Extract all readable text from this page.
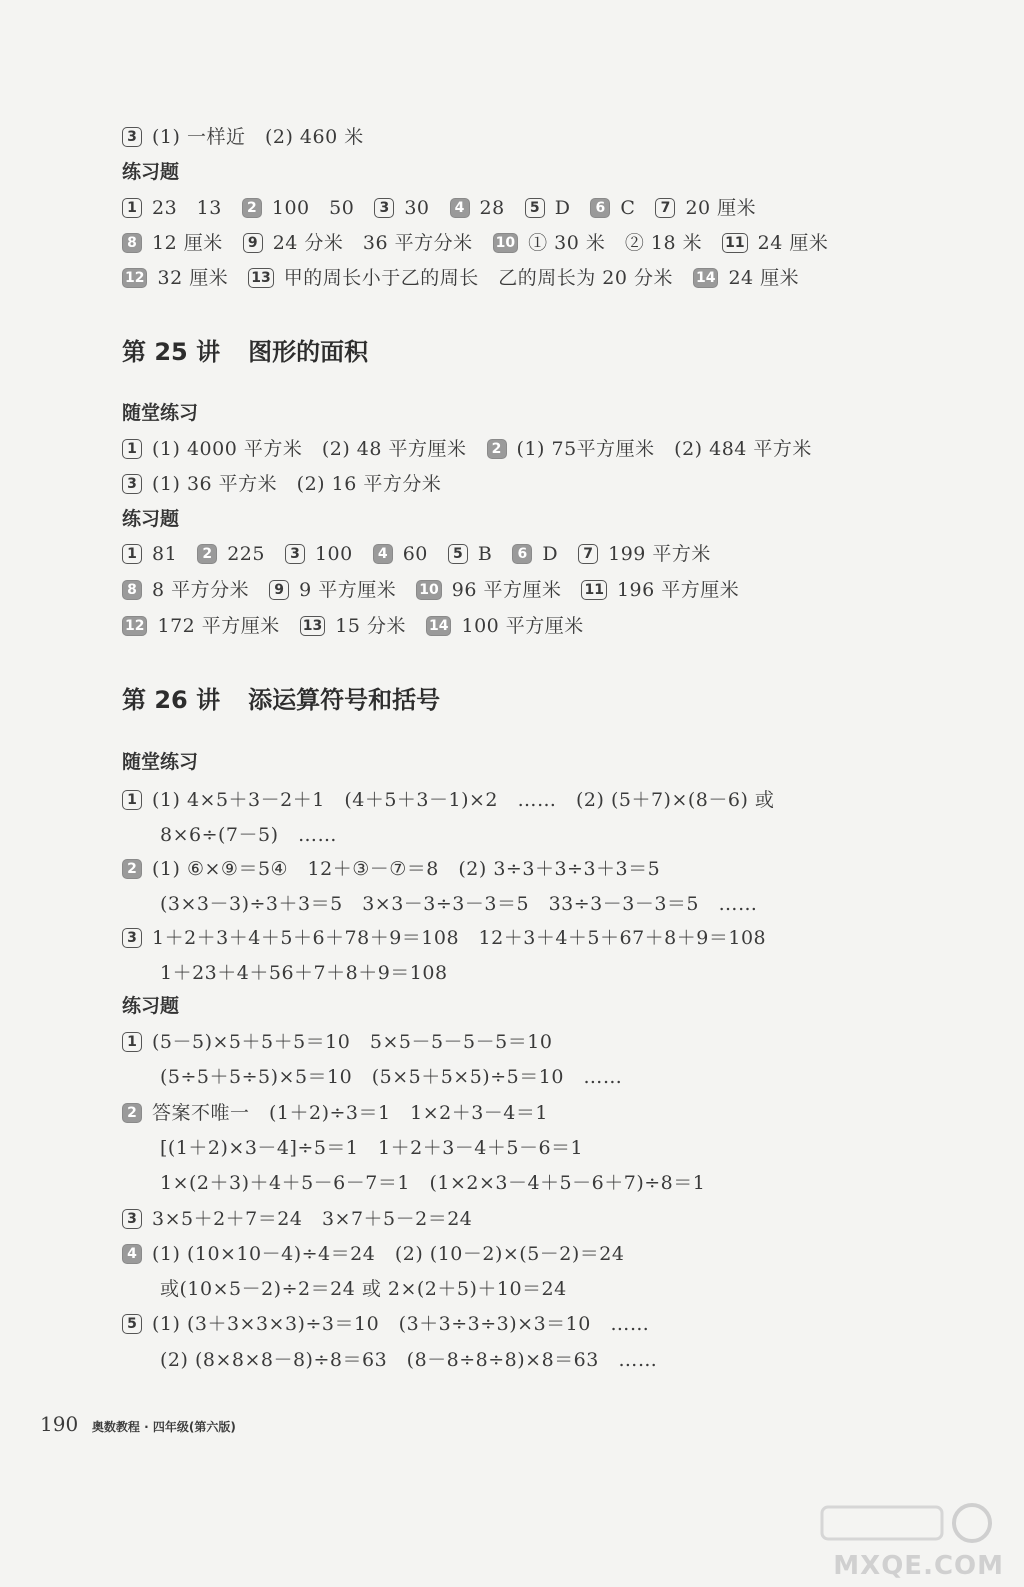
3 (1) 一样近　(2) 460 米
练习题
1 23　13	2 100　50	3 30	4 28	5 D	6 C	7 20 厘米
8 12 厘米	9 24 分米　36 平方分米 10 ① 30 米　② 18 米 11 24 厘米
12 32 厘米 13 甲的周长小于乙的周长　乙的周长为 20 分米 14 24 厘米
第 25 讲 图形的面积
随堂练习
1 (1) 4000 平方米　(2) 48 平方厘米	2 (1) 75平方厘米　(2) 484 平方米
3 (1) 36 平方米　(2) 16 平方分米
练习题
1 81	2 225	3 100	4 60	5 B	6 D	7 199 平方米
8 8 平方分米	9 9 平方厘米 10 96 平方厘米 11 196 平方厘米
12 172 平方厘米 13 15 分米 14 100 平方厘米
第 26 讲 添运算符号和括号
随堂练习
1 (1) 4×5＋3－2＋1　(4＋5＋3－1)×2　……　(2) (5＋7)×(8－6) 或
8×6÷(7－5)　……
2 (1) ⑥×⑨＝5④　12＋③－⑦＝8　(2) 3÷3＋3÷3＋3＝5
(3×3－3)÷3＋3＝5　3×3－3÷3－3＝5　33÷3－3－3＝5　……
3 1＋2＋3＋4＋5＋6＋78＋9＝108　12＋3＋4＋5＋67＋8＋9＝108
1＋23＋4＋56＋7＋8＋9＝108
练习题
1 (5－5)×5＋5＋5＝10　5×5－5－5－5＝10
(5÷5＋5÷5)×5＝10　(5×5＋5×5)÷5＝10　……
2 答案不唯一　(1＋2)÷3＝1　1×2＋3－4＝1
[(1＋2)×3－4]÷5＝1　1＋2＋3－4＋5－6＝1
1×(2＋3)＋4＋5－6－7＝1　(1×2×3－4＋5－6＋7)÷8＝1
3 3×5＋2＋7＝24　3×7＋5－2＝24
4 (1) (10×10－4)÷4＝24　(2) (10－2)×(5－2)＝24
或(10×5－2)÷2＝24 或 2×(2＋5)＋10＝24
5 (1) (3＋3×3×3)÷3＝10　(3＋3÷3÷3)×3＝10　……
(2) (8×8×8－8)÷8＝63　(8－8÷8÷8)×8＝63　……
190 奥数教程 · 四年级(第六版)
MXQE.COM
